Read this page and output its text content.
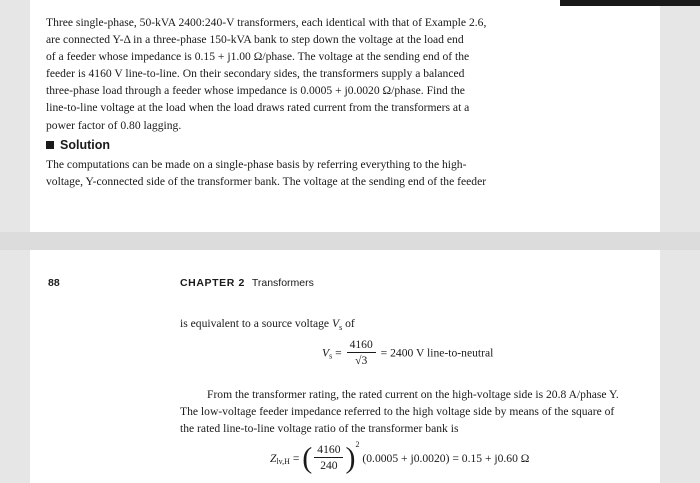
Three single-phase, 50-kVA 2400:240-V transformers, each identical with that of Example 2.6,
are connected Y-Δ in a three-phase 150-kVA bank to step down the voltage at the load end
of a feeder whose impedance is 0.15 + j1.00 Ω/phase. The voltage at the sending end of the
feeder is 4160 V line-to-line. On their secondary sides, the transformers supply a balanced
three-phase load through a feeder whose impedance is 0.0005 + j0.0020 Ω/phase. Find the
line-to-line voltage at the load when the load draws rated current from the transformers at a
power factor of 0.80 lagging.
Solution
The computations can be made on a single-phase basis by referring everything to the high-
voltage, Y-connected side of the transformer bank. The voltage at the sending end of the feeder
88	CHAPTER 2 Transformers
is equivalent to a source voltage $V_s$ of
$V_s = \frac{4160}{√3} = 2400$ V line-to-neutral
From the transformer rating, the rated current on the high-voltage side is 20.8 A/phase Y.
The low-voltage feeder impedance referred to the high voltage side by means of the square of
the rated line-to-line voltage ratio of the transformer bank is
$Z_{lv,H}$ = ( $\frac{4160}{240} )^2$ (0.0005 + j0.0020) = 0.15 + j0.60 Ω
